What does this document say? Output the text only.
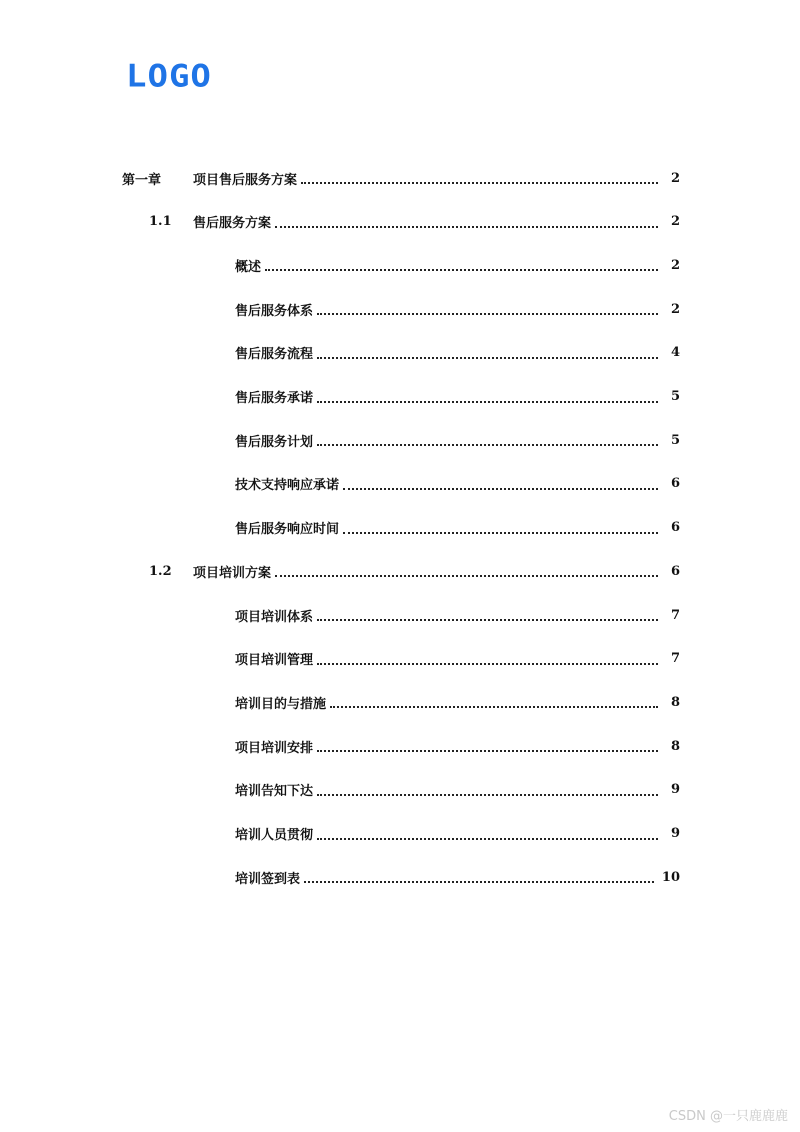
LOGO
第一章 项目售后服务方案	2
1.1 售后服务方案	2
概述	2
售后服务体系	2
售后服务流程	4
售后服务承诺	5
售后服务计划	5
技术支持响应承诺	6
售后服务响应时间	6
1.2 项目培训方案	6
项目培训体系	7
项目培训管理	7
培训目的与措施	8
项目培训安排	8
培训告知下达	9
培训人员贯彻	9
培训签到表	10
CSDN @一只鹿鹿鹿
